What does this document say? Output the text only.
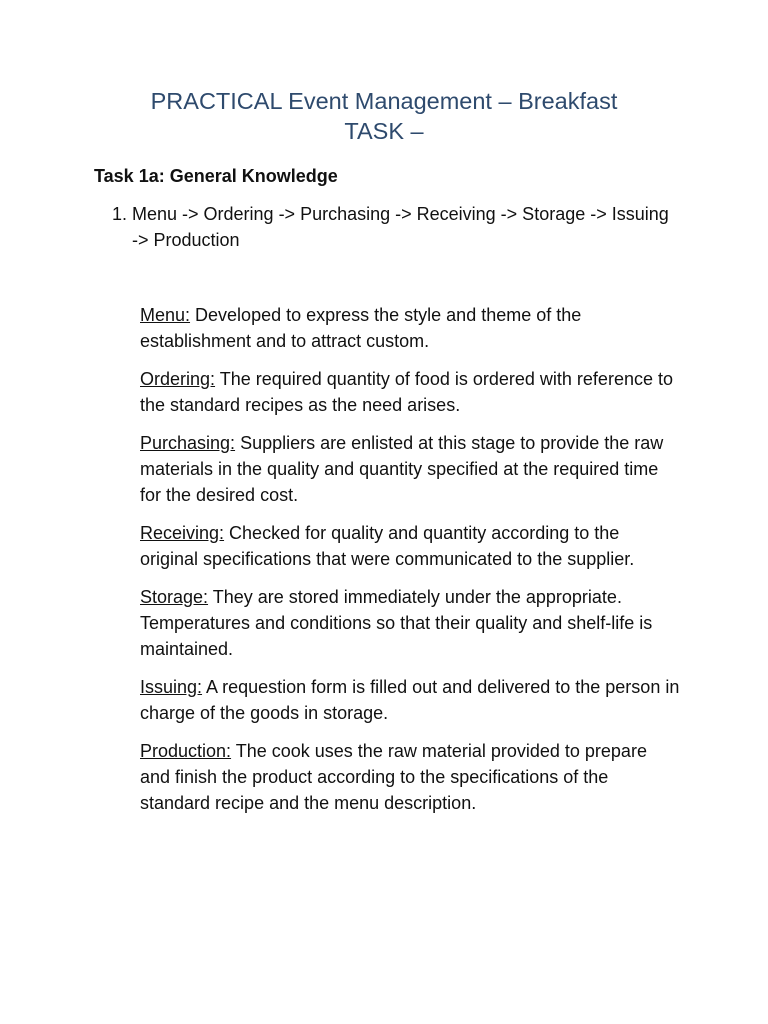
PRACTICAL Event Management – Breakfast
TASK –
Task 1a: General Knowledge
1. Menu -> Ordering -> Purchasing -> Receiving -> Storage -> Issuing -> Production

Menu: Developed to express the style and theme of the establishment and to attract custom.

Ordering: The required quantity of food is ordered with reference to the standard recipes as the need arises.

Purchasing: Suppliers are enlisted at this stage to provide the raw materials in the quality and quantity specified at the required time for the desired cost.

Receiving: Checked for quality and quantity according to the original specifications that were communicated to the supplier.

Storage: They are stored immediately under the appropriate. Temperatures and conditions so that their quality and shelf-life is maintained.

Issuing: A requestion form is filled out and delivered to the person in charge of the goods in storage.

Production: The cook uses the raw material provided to prepare and finish the product according to the specifications of the standard recipe and the menu description.
